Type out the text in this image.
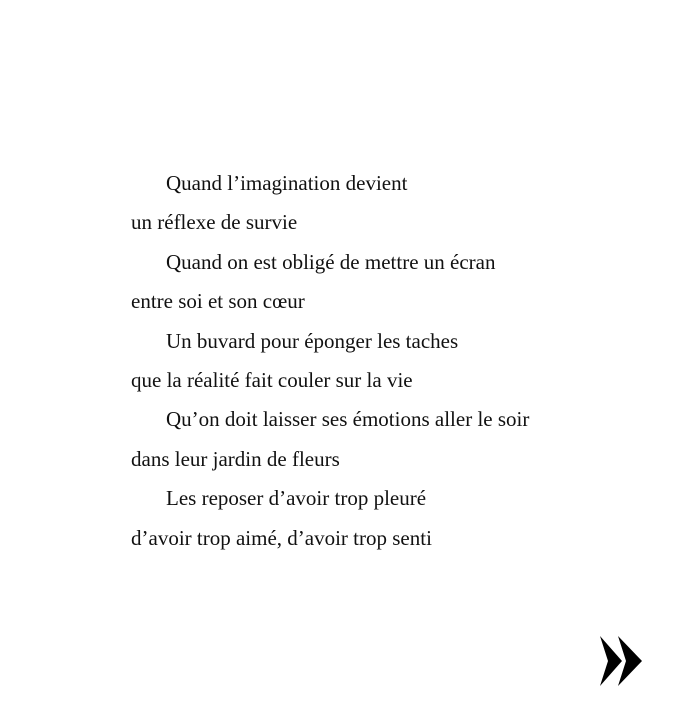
Quand l’imagination devient
un réflexe de survie
Quand on est obligé de mettre un écran
entre soi et son cœur
Un buvard pour éponger les taches
que la réalité fait couler sur la vie
Qu’on doit laisser ses émotions aller le soir
dans leur jardin de fleurs
Les reposer d’avoir trop pleuré
d’avoir trop aimé, d’avoir trop senti
